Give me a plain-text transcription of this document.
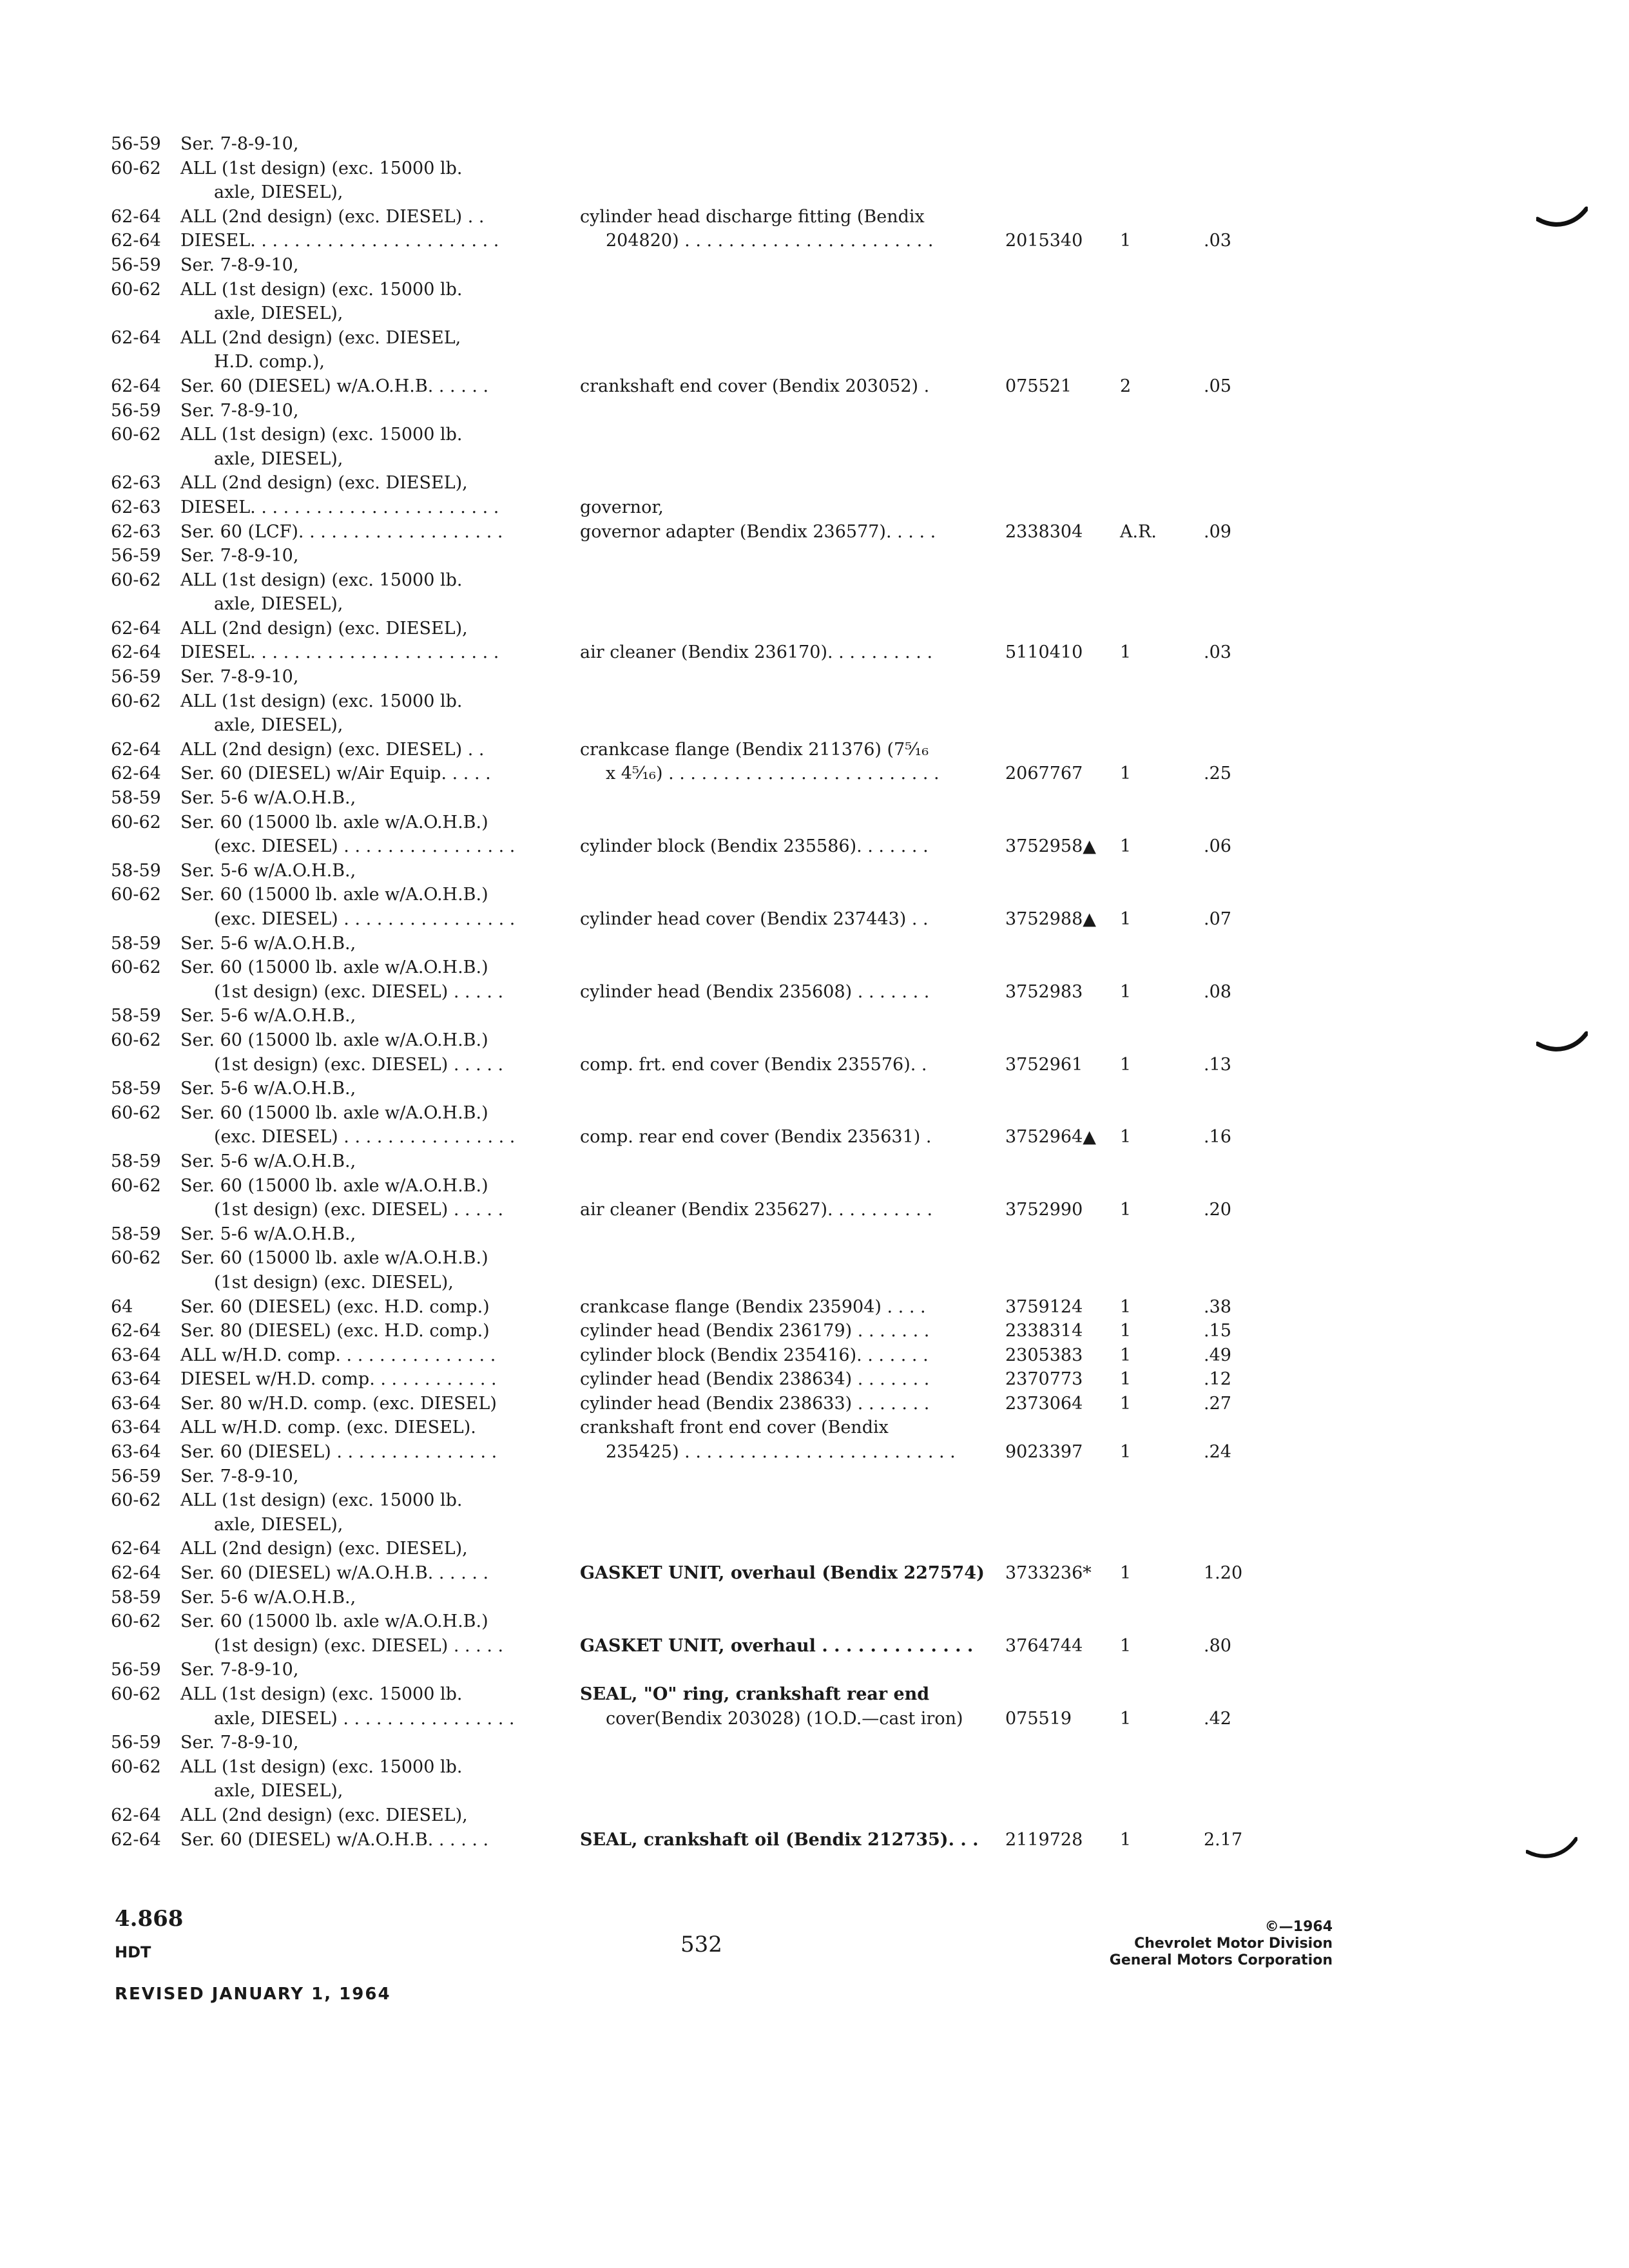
56-59 Ser. 7-8-9-10,
60-62 ALL (1st design) (exc. 15000 lb.
axle, DIESEL),
62-64 ALL (2nd design) (exc. DIESEL) . .	cylinder head discharge fitting (Bendix
62-64 DIESEL. . . . . . . . . . . . . . . . . . . . . . .	204820) . . . . . . . . . . . . . . . . . . . . . . .	2015340 1	.03
56-59 Ser. 7-8-9-10,
60-62 ALL (1st design) (exc. 15000 lb.
axle, DIESEL),
62-64 ALL (2nd design) (exc. DIESEL,
H.D. comp.),
62-64 Ser. 60 (DIESEL) w/A.O.H.B. . . . . .	crankshaft end cover (Bendix 203052) .	075521	2	.05
56-59 Ser. 7-8-9-10,
60-62 ALL (1st design) (exc. 15000 lb.
axle, DIESEL),
62-63 ALL (2nd design) (exc. DIESEL),
62-63 DIESEL. . . . . . . . . . . . . . . . . . . . . . .	governor,
62-63 Ser. 60 (LCF). . . . . . . . . . . . . . . . . . .	governor adapter (Bendix 236577). . . . .	2338304 A.R.	.09
56-59 Ser. 7-8-9-10,
60-62 ALL (1st design) (exc. 15000 lb.
axle, DIESEL),
62-64 ALL (2nd design) (exc. DIESEL),
62-64 DIESEL. . . . . . . . . . . . . . . . . . . . . . .	air cleaner (Bendix 236170). . . . . . . . . .	5110410 1	.03
56-59 Ser. 7-8-9-10,
60-62 ALL (1st design) (exc. 15000 lb.
axle, DIESEL),
62-64 ALL (2nd design) (exc. DIESEL) . .	crankcase flange (Bendix 211376) (7⁵⁄₁₆
62-64 Ser. 60 (DIESEL) w/Air Equip. . . . .	x 4⁵⁄₁₆) . . . . . . . . . . . . . . . . . . . . . . . . .	2067767 1	.25
58-59 Ser. 5-6 w/A.O.H.B.,
60-62 Ser. 60 (15000 lb. axle w/A.O.H.B.)
(exc. DIESEL) . . . . . . . . . . . . . . . .	cylinder block (Bendix 235586). . . . . . .	3752958▲ 1	.06
58-59 Ser. 5-6 w/A.O.H.B.,
60-62 Ser. 60 (15000 lb. axle w/A.O.H.B.)
(exc. DIESEL) . . . . . . . . . . . . . . . .	cylinder head cover (Bendix 237443) . .	3752988▲ 1	.07
58-59 Ser. 5-6 w/A.O.H.B.,
60-62 Ser. 60 (15000 lb. axle w/A.O.H.B.)
(1st design) (exc. DIESEL) . . . . .	cylinder head (Bendix 235608) . . . . . . .	3752983 1	.08
58-59 Ser. 5-6 w/A.O.H.B.,
60-62 Ser. 60 (15000 lb. axle w/A.O.H.B.)
(1st design) (exc. DIESEL) . . . . .	comp. frt. end cover (Bendix 235576). .	3752961 1	.13
58-59 Ser. 5-6 w/A.O.H.B.,
60-62 Ser. 60 (15000 lb. axle w/A.O.H.B.)
(exc. DIESEL) . . . . . . . . . . . . . . . .	comp. rear end cover (Bendix 235631) .	3752964▲ 1	.16
58-59 Ser. 5-6 w/A.O.H.B.,
60-62 Ser. 60 (15000 lb. axle w/A.O.H.B.)
(1st design) (exc. DIESEL) . . . . .	air cleaner (Bendix 235627). . . . . . . . . .	3752990 1	.20
58-59 Ser. 5-6 w/A.O.H.B.,
60-62 Ser. 60 (15000 lb. axle w/A.O.H.B.)
(1st design) (exc. DIESEL),
64	Ser. 60 (DIESEL) (exc. H.D. comp.)	crankcase flange (Bendix 235904) . . . .	3759124 1	.38
62-64 Ser. 80 (DIESEL) (exc. H.D. comp.)	cylinder head (Bendix 236179) . . . . . . .	2338314 1	.15
63-64 ALL w/H.D. comp. . . . . . . . . . . . . . .	cylinder block (Bendix 235416). . . . . . .	2305383 1	.49
63-64 DIESEL w/H.D. comp. . . . . . . . . . . .	cylinder head (Bendix 238634) . . . . . . .	2370773 1	.12
63-64 Ser. 80 w/H.D. comp. (exc. DIESEL)	cylinder head (Bendix 238633) . . . . . . .	2373064 1	.27
63-64 ALL w/H.D. comp. (exc. DIESEL).	crankshaft front end cover (Bendix
63-64 Ser. 60 (DIESEL) . . . . . . . . . . . . . . .	235425) . . . . . . . . . . . . . . . . . . . . . . . . .	9023397 1	.24
56-59 Ser. 7-8-9-10,
60-62 ALL (1st design) (exc. 15000 lb.
axle, DIESEL),
62-64 ALL (2nd design) (exc. DIESEL),
62-64 Ser. 60 (DIESEL) w/A.O.H.B. . . . . .	GASKET UNIT, overhaul (Bendix 227574) 3733236* 1	1.20
58-59 Ser. 5-6 w/A.O.H.B.,
60-62 Ser. 60 (15000 lb. axle w/A.O.H.B.)
(1st design) (exc. DIESEL) . . . . .	GASKET UNIT, overhaul . . . . . . . . . . . . . 3764744 1	.80
56-59 Ser. 7-8-9-10,
60-62 ALL (1st design) (exc. 15000 lb.	SEAL, "O" ring, crankshaft rear end
axle, DIESEL) . . . . . . . . . . . . . . . .	cover(Bendix 203028) (1O.D.—cast iron) 075519	1	.42
56-59 Ser. 7-8-9-10,
60-62 ALL (1st design) (exc. 15000 lb.
axle, DIESEL),
62-64 ALL (2nd design) (exc. DIESEL),
62-64 Ser. 60 (DIESEL) w/A.O.H.B. . . . . .	SEAL, crankshaft oil (Bendix 212735). . . 2119728 1	2.17
4.868
HDT
REVISED JANUARY 1, 1964
532
©—1964
Chevrolet Motor Division
General Motors Corporation
